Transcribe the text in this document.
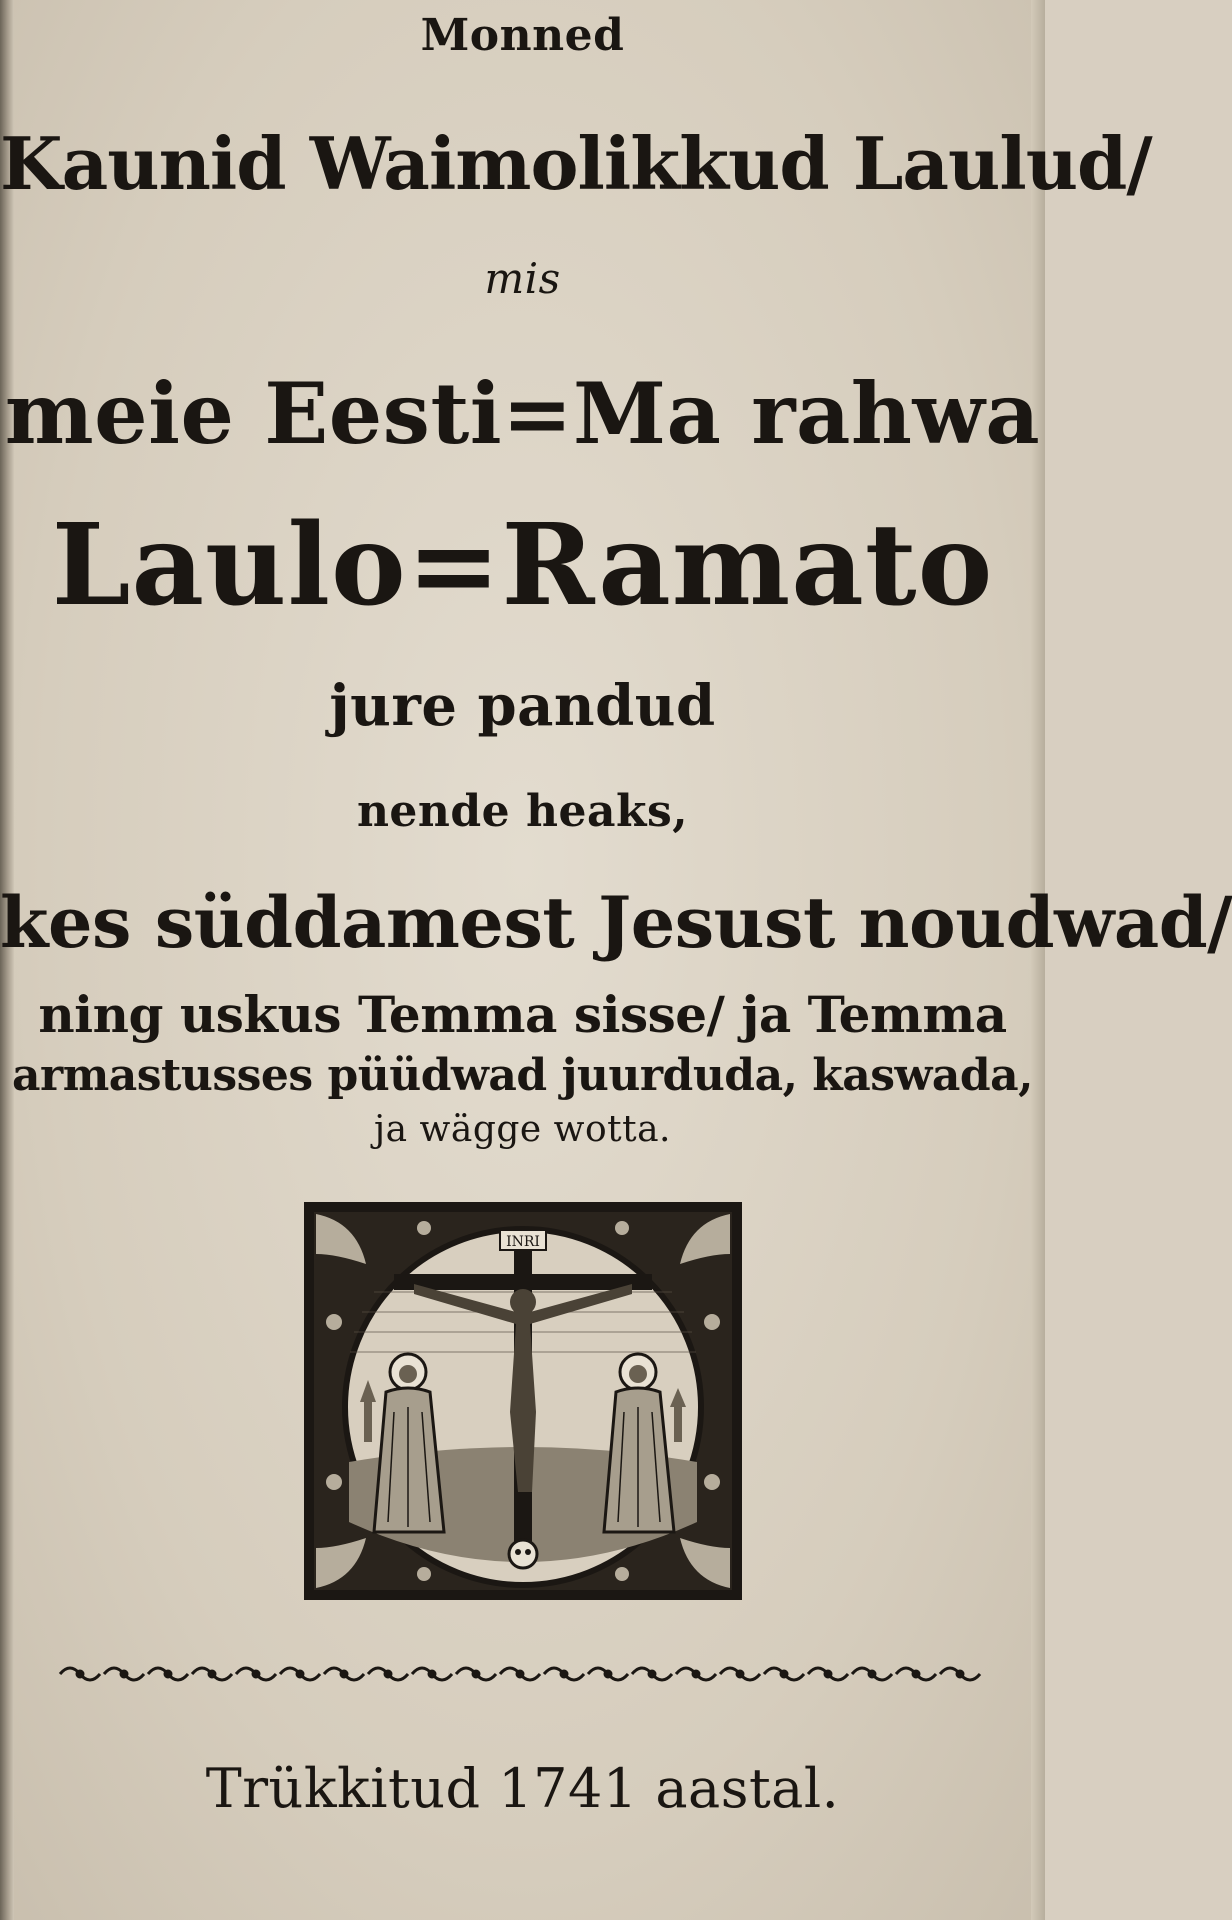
Monned
Kaunid Waimolikkud Laulud/
mis
meie Eesti=Ma rahwa
Laulo=Ramato
jure pandud
nende heaks,
kes süddamest Jesust noudwad/
ning uskus Temma sisse/ ja Temma
armastusses püüdwad juurduda, kaswada,
ja wägge wotta.
INRI
Trükkitud 1741 aastal.
